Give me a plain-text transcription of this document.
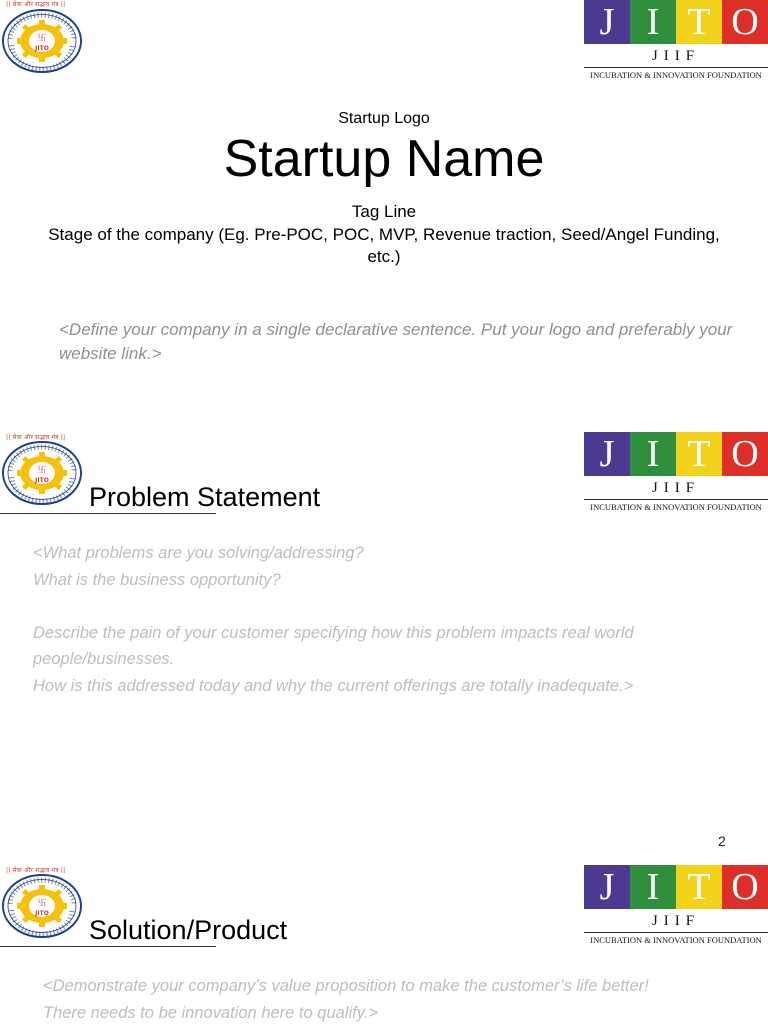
|| सेवा और सद्भाव मंत्र ||
卐
JITO
J I T O
JIIF
INCUBATION & INNOVATION FOUNDATION
Startup Logo
Startup Name
Tag Line
Stage of the company (Eg. Pre-POC, POC, MVP, Revenue traction, Seed/Angel Funding, etc.)
<Define your company in a single declarative sentence. Put your logo and preferably your website link.>
|| सेवा और सद्भाव मंत्र ||
卐
JITO
J I T O
JIIF
INCUBATION & INNOVATION FOUNDATION
Problem Statement

<What problems are you solving/addressing?

What is the business opportunity?

Describe the pain of your customer specifying how this problem impacts real world people/businesses.

How is this addressed today and why the current offerings are totally inadequate.>

2
|| सेवा और सद्भाव मंत्र ||
卐
JITO
J I T O
JIIF
INCUBATION & INNOVATION FOUNDATION
Solution/Product

<Demonstrate your company’s value proposition to make the customer’s life better!

There needs to be innovation here to qualify.>
